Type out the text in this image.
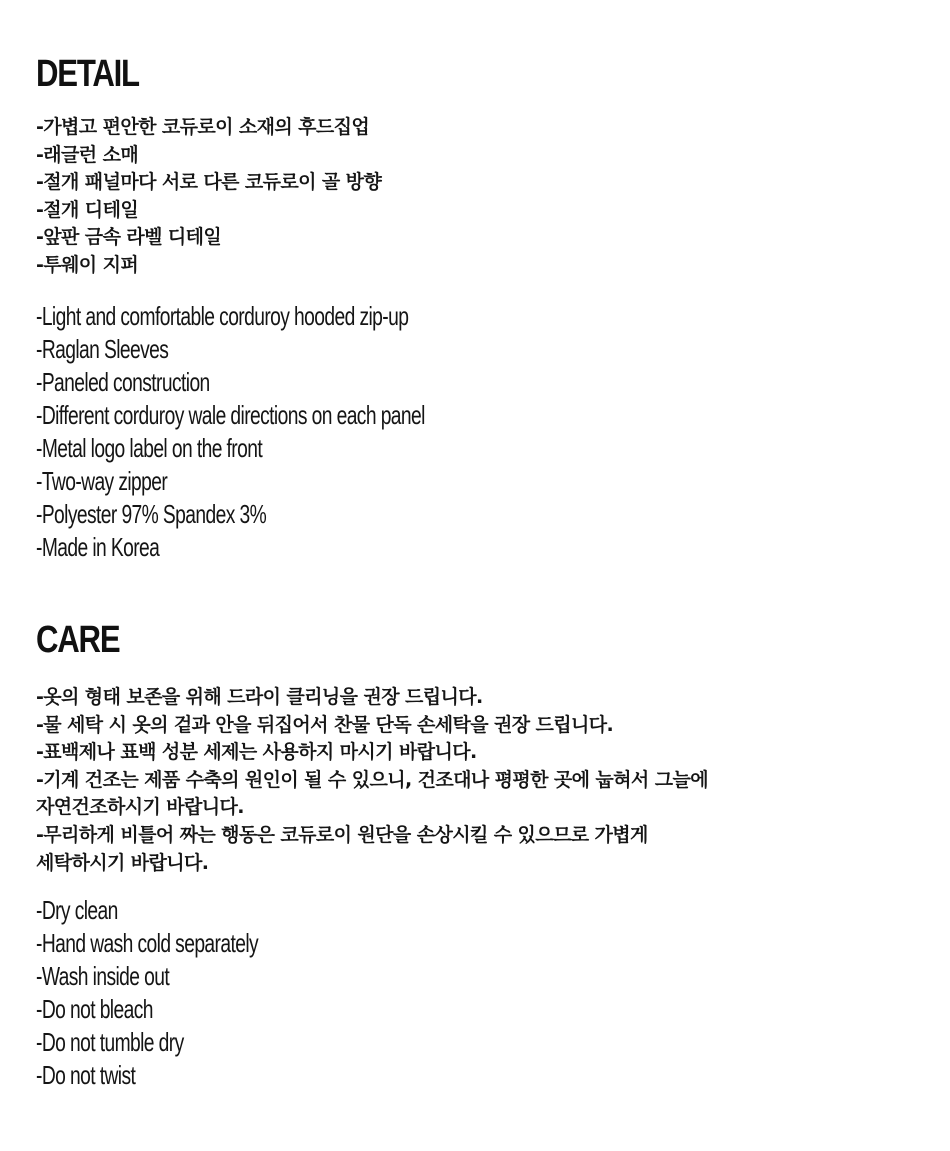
DETAIL
-가볍고 편안한 코듀로이 소재의 후드집업
-래글런 소매
-절개 패널마다 서로 다른 코듀로이 골 방향
-절개 디테일
-앞판 금속 라벨 디테일
-투웨이 지퍼
-Light and comfortable corduroy hooded zip-up
-Raglan Sleeves
-Paneled construction
-Different corduroy wale directions on each panel
-Metal logo label on the front
-Two-way zipper
-Polyester 97% Spandex 3%
-Made in Korea
CARE
-옷의 형태 보존을 위해 드라이 클리닝을 권장 드립니다.
-물 세탁 시 옷의 겉과 안을 뒤집어서 찬물 단독 손세탁을 권장 드립니다.
-표백제나 표백 성분 세제는 사용하지 마시기 바랍니다.
-기계 건조는 제품 수축의 원인이 될 수 있으니, 건조대나 평평한 곳에 눕혀서 그늘에
자연건조하시기 바랍니다.
-무리하게 비틀어 짜는 행동은 코듀로이 원단을 손상시킬 수 있으므로 가볍게
세탁하시기 바랍니다.
-Dry clean
-Hand wash cold separately
-Wash inside out
-Do not bleach
-Do not tumble dry
-Do not twist
